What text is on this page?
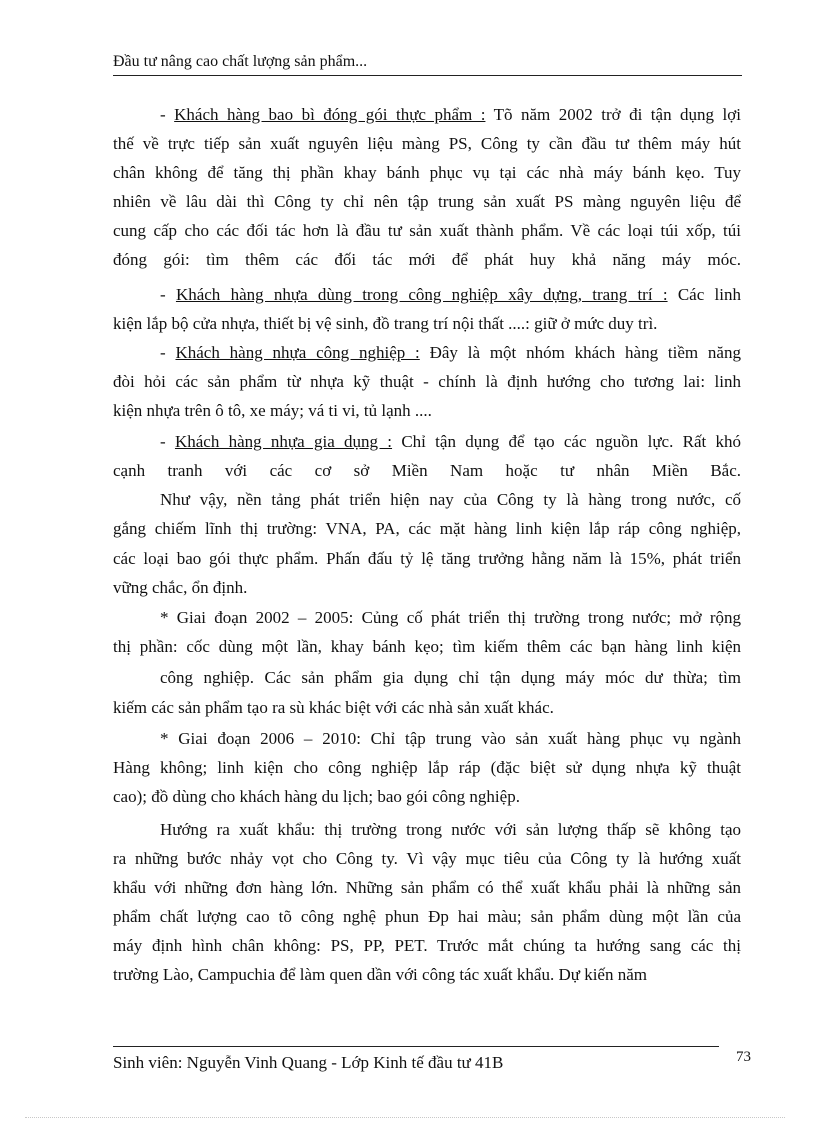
Đầu tư nâng cao chất lượng sản phẩm...
- Khách hàng bao bì đóng gói thực phẩm : Tõ năm 2002 trở đi tận dụng lợi
thế về trực tiếp sản xuất nguyên liệu màng PS, Công ty cần đầu tư thêm máy hút
chân không để tăng thị phần khay bánh phục vụ tại các nhà máy bánh kẹo. Tuy
nhiên về lâu dài thì Công ty chỉ nên tập trung sản xuất PS màng nguyên liệu để
cung cấp cho các đối tác hơn là đầu tư sản xuất thành phẩm. Về các loại túi xốp, túi
đóng gói: tìm thêm các đối tác mới để phát huy khả năng máy móc.
- Khách hàng nhựa dùng trong công nghiệp xây dựng, trang trí : Các linh
kiện lắp bộ cửa nhựa, thiết bị vệ sinh, đồ trang trí nội thất ....: giữ ở mức duy trì.
- Khách hàng nhựa công nghiệp : Đây là một nhóm khách hàng tiềm năng
đòi hỏi các sản phẩm từ nhựa kỹ thuật - chính là định hướng cho tương lai: linh
kiện nhựa trên ô tô, xe máy; vá ti vi, tủ lạnh ....
- Khách hàng nhựa gia dụng : Chỉ tận dụng để tạo các nguồn lực. Rất khó
cạnh tranh với các cơ sở Miền Nam hoặc tư nhân Miền Bắc.
Như vậy, nền tảng phát triển hiện nay của Công ty là hàng trong nước, cố
gắng chiếm lĩnh thị trường: VNA, PA, các mặt hàng linh kiện lắp ráp công nghiệp,
các loại bao gói thực phẩm. Phấn đấu tỷ lệ tăng trưởng hằng năm là 15%, phát triển
vững chắc, ổn định.
* Giai đoạn 2002 – 2005: Củng cố phát triển thị trường trong nước; mở rộng
thị phần: cốc dùng một lần, khay bánh kẹo; tìm kiếm thêm các bạn hàng linh kiện
công nghiệp. Các sản phẩm gia dụng chỉ tận dụng máy móc dư thừa; tìm
kiếm các sản phẩm tạo ra sù khác biệt với các nhà sản xuất khác.
* Giai đoạn 2006 – 2010: Chỉ tập trung vào sản xuất hàng phục vụ ngành
Hàng không; linh kiện cho công nghiệp lắp ráp (đặc biệt sử dụng nhựa kỹ thuật
cao); đồ dùng cho khách hàng du lịch; bao gói công nghiệp.
Hướng ra xuất khẩu: thị trường trong nước với sản lượng thấp sẽ không tạo
ra những bước nhảy vọt cho Công ty. Vì vậy mục tiêu của Công ty là hướng xuất
khẩu với những đơn hàng lớn. Những sản phẩm có thể xuất khẩu phải là những sản
phẩm chất lượng cao tõ công nghệ phun Ðp hai màu; sản phẩm dùng một lần của
máy định hình chân không: PS, PP, PET. Trước mắt chúng ta hướng sang các thị
trường Lào, Campuchia để làm quen dần với công tác xuất khẩu. Dự kiến năm
Sinh viên: Nguyễn Vinh Quang - Lớp Kinh tế đầu tư 41B	73
